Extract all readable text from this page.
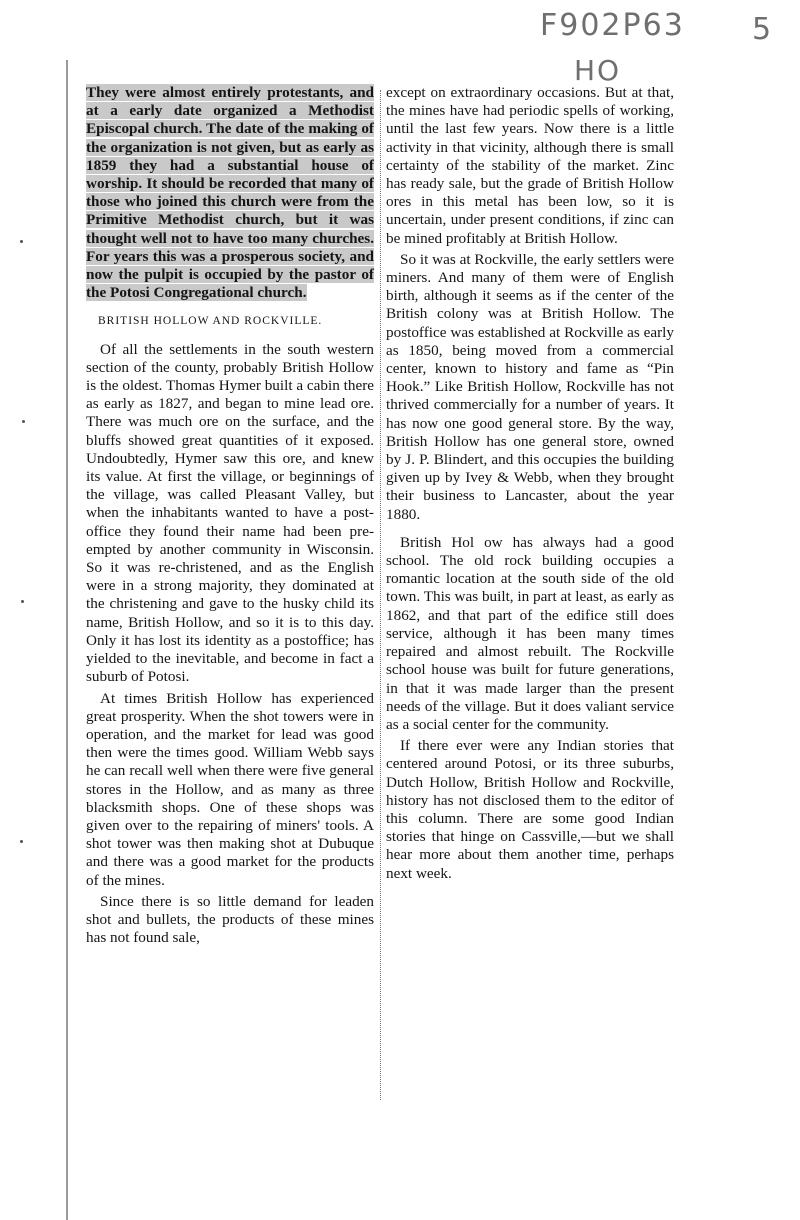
F902P63
HO
5

They were almost entirely protestants, and at a early date organized a Methodist Episcopal church. The date of the making of the organization is not given, but as early as 1859 they had a substantial house of worship. It should be recorded that many of those who joined this church were from the Primitive Methodist church, but it was thought well not to have too many churches. For years this was a prosperous society, and now the pulpit is occupied by the pastor of the Potosi Congregational church.

BRITISH HOLLOW AND ROCKVILLE.

Of all the settlements in the south western section of the county, probably British Hollow is the oldest. Thomas Hymer built a cabin there as early as 1827, and began to mine lead ore. There was much ore on the surface, and the bluffs showed great quantities of it exposed. Undoubtedly, Hymer saw this ore, and knew its value. At first the village, or beginnings of the village, was called Pleasant Valley, but when the inhabitants wanted to have a post-office they found their name had been pre-empted by another community in Wisconsin. So it was re-christened, and as the English were in a strong majority, they dominated at the christening and gave to the husky child its name, British Hollow, and so it is to this day. Only it has lost its identity as a postoffice; has yielded to the inevitable, and become in fact a suburb of Potosi.

At times British Hollow has experienced great prosperity. When the shot towers were in operation, and the market for lead was good then were the times good. William Webb says he can recall well when there were five general stores in the Hollow, and as many as three blacksmith shops. One of these shops was given over to the repairing of miners' tools. A shot tower was then making shot at Dubuque and there was a good market for the products of the mines.

Since there is so little demand for leaden shot and bullets, the products of these mines has not found sale,

except on extraordinary occasions. But at that, the mines have had periodic spells of working, until the last few years. Now there is a little activity in that vicinity, although there is small certainty of the stability of the market. Zinc has ready sale, but the grade of British Hollow ores in this metal has been low, so it is uncertain, under present conditions, if zinc can be mined profitably at British Hollow.

So it was at Rockville, the early settlers were miners. And many of them were of English birth, although it seems as if the center of the British colony was at British Hollow. The postoffice was established at Rockville as early as 1850, being moved from a commercial center, known to history and fame as “Pin Hook.” Like British Hollow, Rockville has not thrived commercially for a number of years. It has now one good general store. By the way, British Hollow has one general store, owned by J. P. Blindert, and this occupies the building given up by Ivey & Webb, when they brought their business to Lancaster, about the year 1880.

British Hol ow has always had a good school. The old rock building occupies a romantic location at the south side of the old town. This was built, in part at least, as early as 1862, and that part of the edifice still does service, although it has been many times repaired and almost rebuilt. The Rockville school house was built for future generations, in that it was made larger than the present needs of the village. But it does valiant service as a social center for the community.

If there ever were any Indian stories that centered around Potosi, or its three suburbs, Dutch Hollow, British Hollow and Rockville, history has not disclosed them to the editor of this column. There are some good Indian stories that hinge on Cassville,—but we shall hear more about them another time, perhaps next week.
